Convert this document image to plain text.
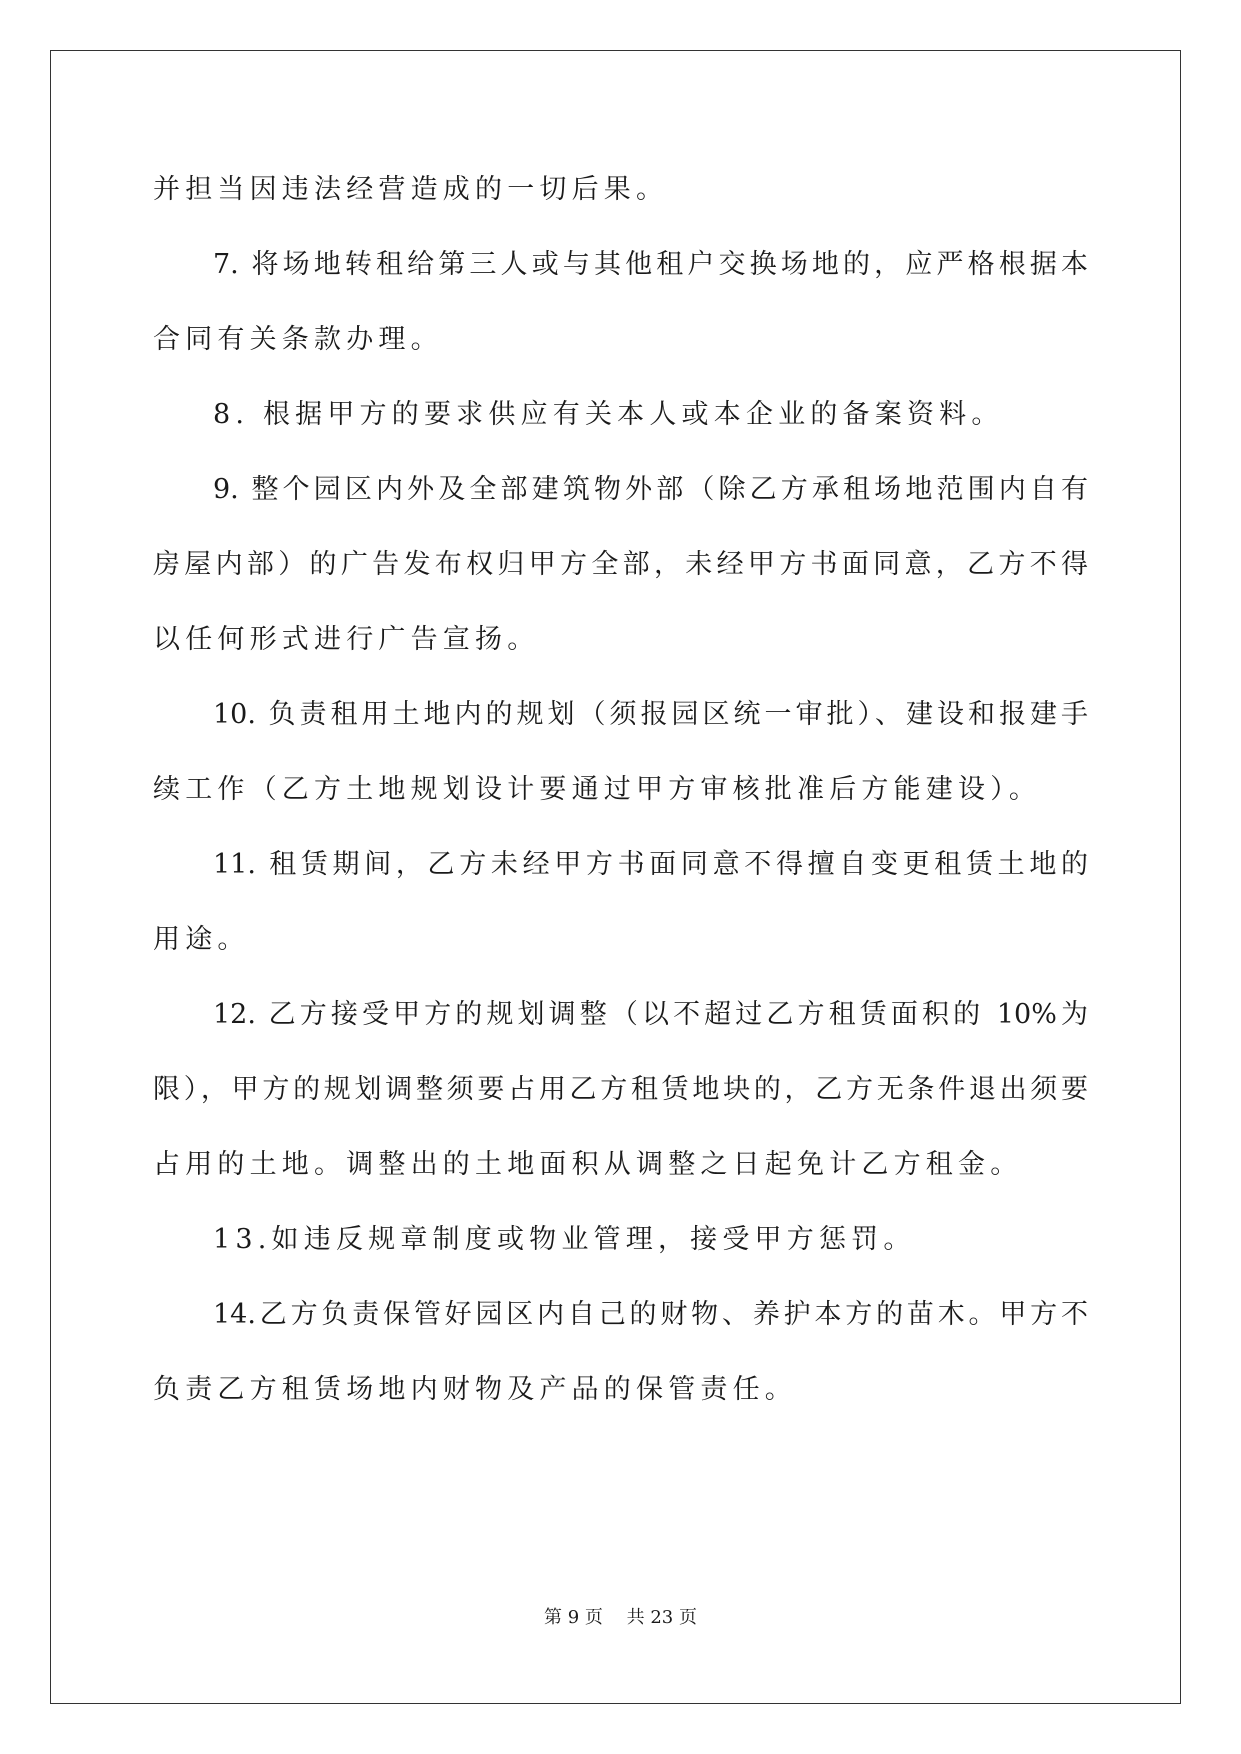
并担当因违法经营造成的一切后果。
7. 将场地转租给第三人或与其他租户交换场地的，应严格根据本
合同有关条款办理。
8. 根据甲方的要求供应有关本人或本企业的备案资料。
9. 整个园区内外及全部建筑物外部（除乙方承租场地范围内自有
房屋内部）的广告发布权归甲方全部，未经甲方书面同意，乙方不得
以任何形式进行广告宣扬。
10. 负责租用土地内的规划（须报园区统一审批）、建设和报建手
续工作（乙方土地规划设计要通过甲方审核批准后方能建设）。
11. 租赁期间，乙方未经甲方书面同意不得擅自变更租赁土地的
用途。
12. 乙方接受甲方的规划调整（以不超过乙方租赁面积的 10%为
限），甲方的规划调整须要占用乙方租赁地块的，乙方无条件退出须要
占用的土地。调整出的土地面积从调整之日起免计乙方租金。
13.如违反规章制度或物业管理，接受甲方惩罚。
14.乙方负责保管好园区内自己的财物、养护本方的苗木。甲方不
负责乙方租赁场地内财物及产品的保管责任。
第 9 页　 共 23 页
